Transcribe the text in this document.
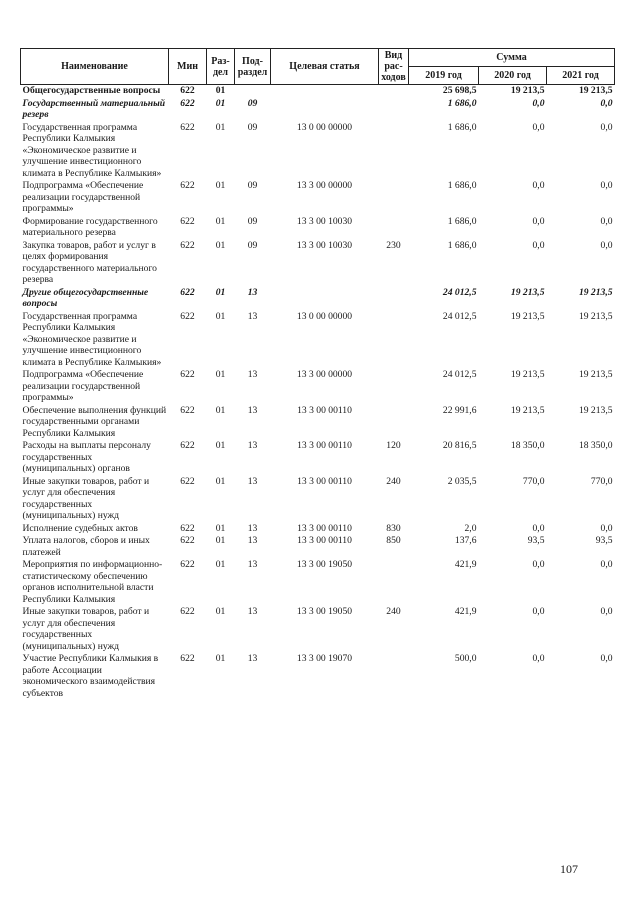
Наименование	Мин	Раз-дел	Под-раздел	Целевая статья	Вид рас-ходов	Сумма		
						2019 год	2020 год	2021 год
Общегосударственные вопросы	622	01				25 698,5	19 213,5	19 213,5
Государственный материальный резерв	622	01	09			1 686,0	0,0	0,0
Государственная программа Республики Калмыкия «Экономическое развитие и улучшение инвестиционного климата в Республике Калмыкия»	622	01	09	13 0 00 00000		1 686,0	0,0	0,0
Подпрограмма «Обеспечение реализации государственной программы»	622	01	09	13 3 00 00000		1 686,0	0,0	0,0
Формирование государственного материального резерва	622	01	09	13 3 00 10030		1 686,0	0,0	0,0
Закупка товаров, работ и услуг в целях формирования государственного материального резерва	622	01	09	13 3 00 10030	230	1 686,0	0,0	0,0
Другие общегосударственные вопросы	622	01	13			24 012,5	19 213,5	19 213,5
Государственная программа Республики Калмыкия «Экономическое развитие и улучшение инвестиционного климата в Республике Калмыкия»	622	01	13	13 0 00 00000		24 012,5	19 213,5	19 213,5
Подпрограмма «Обеспечение реализации государственной программы»	622	01	13	13 3 00 00000		24 012,5	19 213,5	19 213,5
Обеспечение выполнения функций государственными органами Республики Калмыкия	622	01	13	13 3 00 00110		22 991,6	19 213,5	19 213,5
Расходы на выплаты персоналу государственных (муниципальных) органов	622	01	13	13 3 00 00110	120	20 816,5	18 350,0	18 350,0
Иные закупки товаров, работ и услуг для обеспечения государственных (муниципальных) нужд	622	01	13	13 3 00 00110	240	2 035,5	770,0	770,0
Исполнение судебных актов	622	01	13	13 3 00 00110	830	2,0	0,0	0,0
Уплата налогов, сборов и иных платежей	622	01	13	13 3 00 00110	850	137,6	93,5	93,5
Мероприятия по информационно-статистическому обеспечению органов исполнительной власти Республики Калмыкия	622	01	13	13 3 00 19050		421,9	0,0	0,0
Иные закупки товаров, работ и услуг для обеспечения государственных (муниципальных) нужд	622	01	13	13 3 00 19050	240	421,9	0,0	0,0
Участие Республики Калмыкия в работе Ассоциации экономического взаимодействия субъектов	622	01	13	13 3 00 19070		500,0	0,0	0,0
107
